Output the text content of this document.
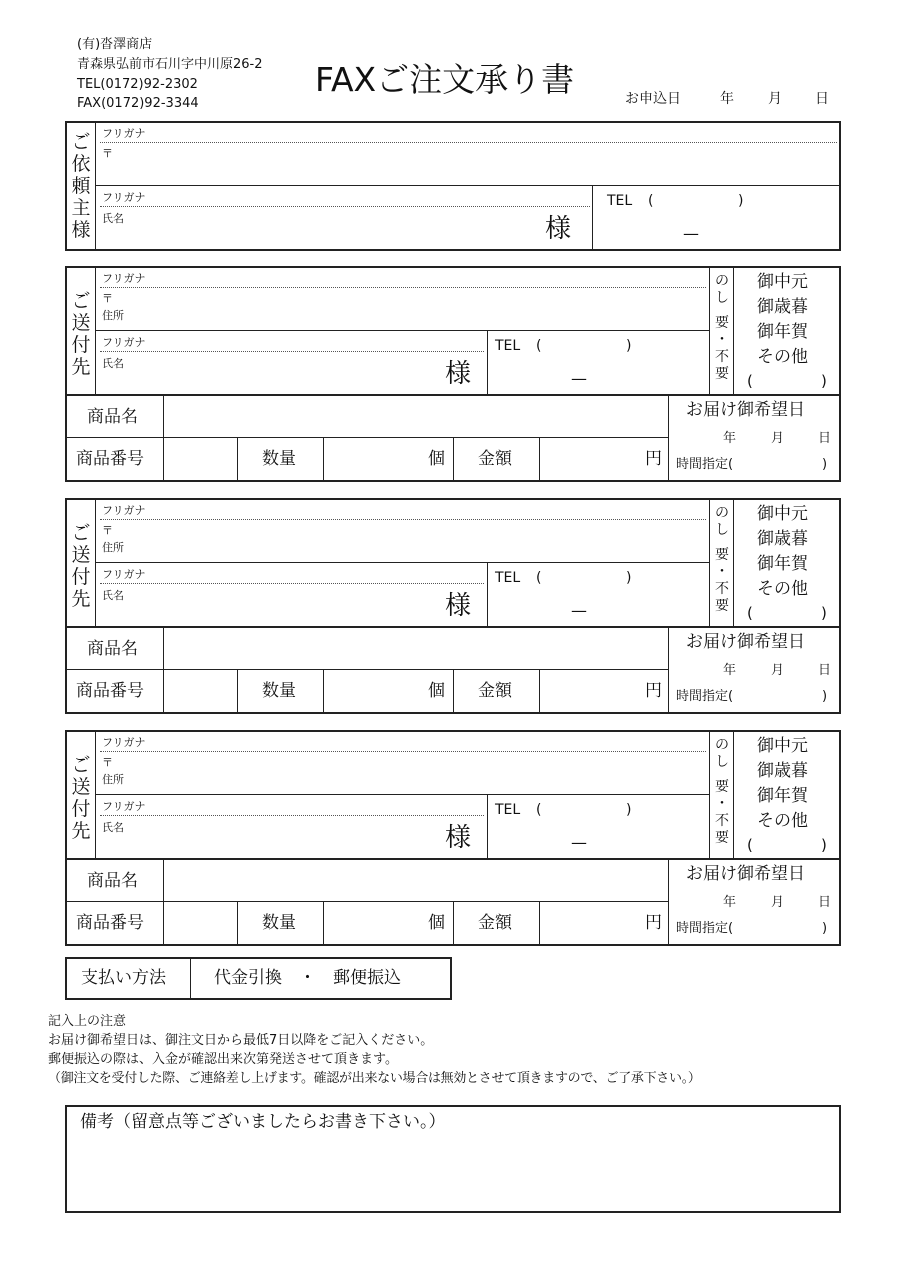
(有)沓澤商店
青森県弘前市石川字中川原26-2
TEL(0172)92-2302
FAX(0172)92-3344
FAXご注文承り書	お申込日	年 月 日
ご
依
頼
主
様
フリガナ
〒
フリガナ
氏名	様
TEL (	)
—
ご
送
付
先
フリガナ
〒
住所
フリガナ
氏名	様
TEL (	)
—
の
し
要
・
不
要
御中元
御歳暮
御年賀
その他
(	)
商品名
商品番号	数量	個 金額	円
お届け御希望日
年	月	日
時間指定(	)
ご
送
付
先
フリガナ
〒
住所
フリガナ
氏名	様
TEL (	)
—
の
し
要
・
不
要
御中元
御歳暮
御年賀
その他
(	)
商品名
商品番号	数量	個 金額	円
お届け御希望日
年	月	日
時間指定(	)
ご
送
付
先
フリガナ
〒
住所
フリガナ
氏名	様
TEL (	)
—
の
し
要
・
不
要
御中元
御歳暮
御年賀
その他
(	)
商品名
商品番号	数量	個 金額	円
お届け御希望日
年	月	日
時間指定(	)
支払い方法	代金引換　・　郵便振込
記入上の注意
お届け御希望日は、御注文日から最低7日以降をご記入ください。
郵便振込の際は、入金が確認出来次第発送させて頂きます。
（御注文を受付した際、ご連絡差し上げます。確認が出来ない場合は無効とさせて頂きますので、ご了承下さい。）
備考（留意点等ございましたらお書き下さい。）
